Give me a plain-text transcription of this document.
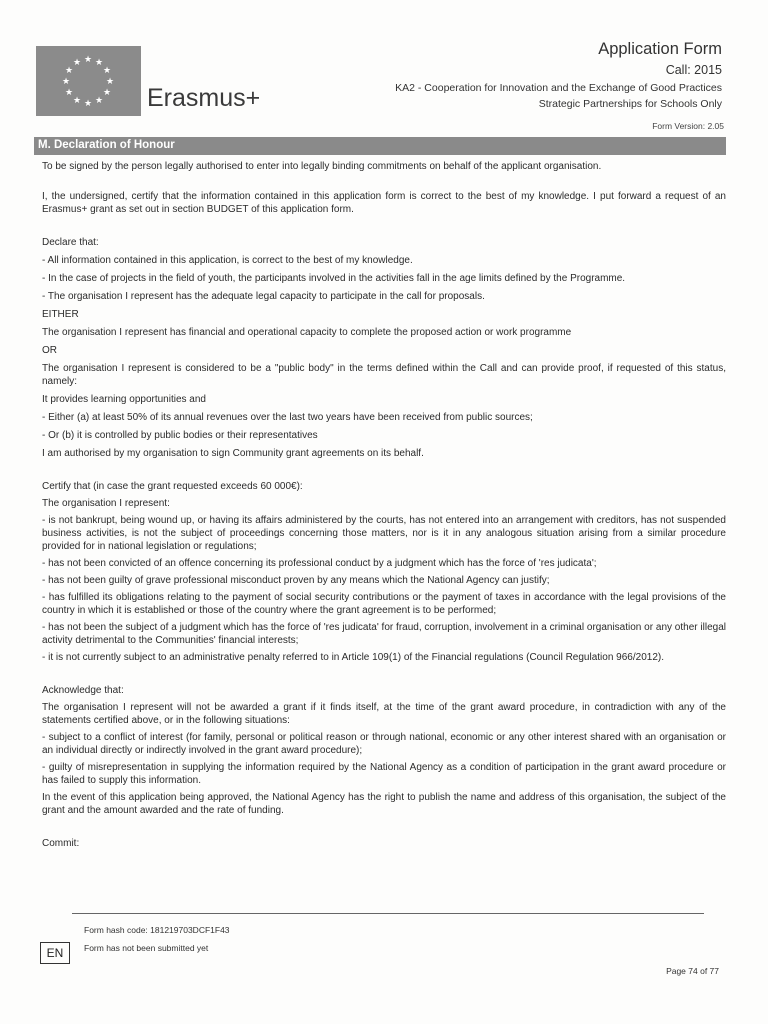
★ ★
★
★
★
★
★
★
★
★
★
★
Erasmus+
Application Form
Call: 2015
KA2 - Cooperation for Innovation and the Exchange of Good Practices
Strategic Partnerships for Schools Only
Form Version: 2.05
M. Declaration of Honour

To be signed by the person legally authorised to enter into legally binding commitments on behalf of the applicant organisation.

I, the undersigned, certify that the information contained in this application form is correct to the best of my knowledge. I put forward a request of an Erasmus+ grant as set out in section BUDGET of this application form.

Declare that:

- All information contained in this application, is correct to the best of my knowledge.

- In the case of projects in the field of youth, the participants involved in the activities fall in the age limits defined by the Programme.

- The organisation I represent has the adequate legal capacity to participate in the call for proposals.

EITHER

The organisation I represent has financial and operational capacity to complete the proposed action or work programme

OR

The organisation I represent is considered to be a "public body" in the terms defined within the Call and can provide proof, if requested of this status, namely:

It provides learning opportunities and

- Either (a) at least 50% of its annual revenues over the last two years have been received from public sources;

- Or (b) it is controlled by public bodies or their representatives

I am authorised by my organisation to sign Community grant agreements on its behalf.

Certify that (in case the grant requested exceeds 60 000€):

The organisation I represent:

- is not bankrupt, being wound up, or having its affairs administered by the courts, has not entered into an arrangement with creditors, has not suspended business activities, is not the subject of proceedings concerning those matters, nor is it in any analogous situation arising from a similar procedure provided for in national legislation or regulations;

- has not been convicted of an offence concerning its professional conduct by a judgment which has the force of 'res judicata';

- has not been guilty of grave professional misconduct proven by any means which the National Agency can justify;

- has fulfilled its obligations relating to the payment of social security contributions or the payment of taxes in accordance with the legal provisions of the country in which it is established or those of the country where the grant agreement is to be performed;

- has not been the subject of a judgment which has the force of 'res judicata' for fraud, corruption, involvement in a criminal organisation or any other illegal activity detrimental to the Communities' financial interests;

- it is not currently subject to an administrative penalty referred to in Article 109(1) of the Financial regulations (Council Regulation 966/2012).

Acknowledge that:

The organisation I represent will not be awarded a grant if it finds itself, at the time of the grant award procedure, in contradiction with any of the statements certified above, or in the following situations:

- subject to a conflict of interest (for family, personal or political reason or through national, economic or any other interest shared with an organisation or an individual directly or indirectly involved in the grant award procedure);

- guilty of misrepresentation in supplying the information required by the National Agency as a condition of participation in the grant award procedure or has failed to supply this information.

In the event of this application being approved, the National Agency has the right to publish the name and address of this organisation, the subject of the grant and the amount awarded and the rate of funding.

Commit:

Form hash code: 181219703DCF1F43
EN	Form has not been submitted yet
Page 74 of 77
